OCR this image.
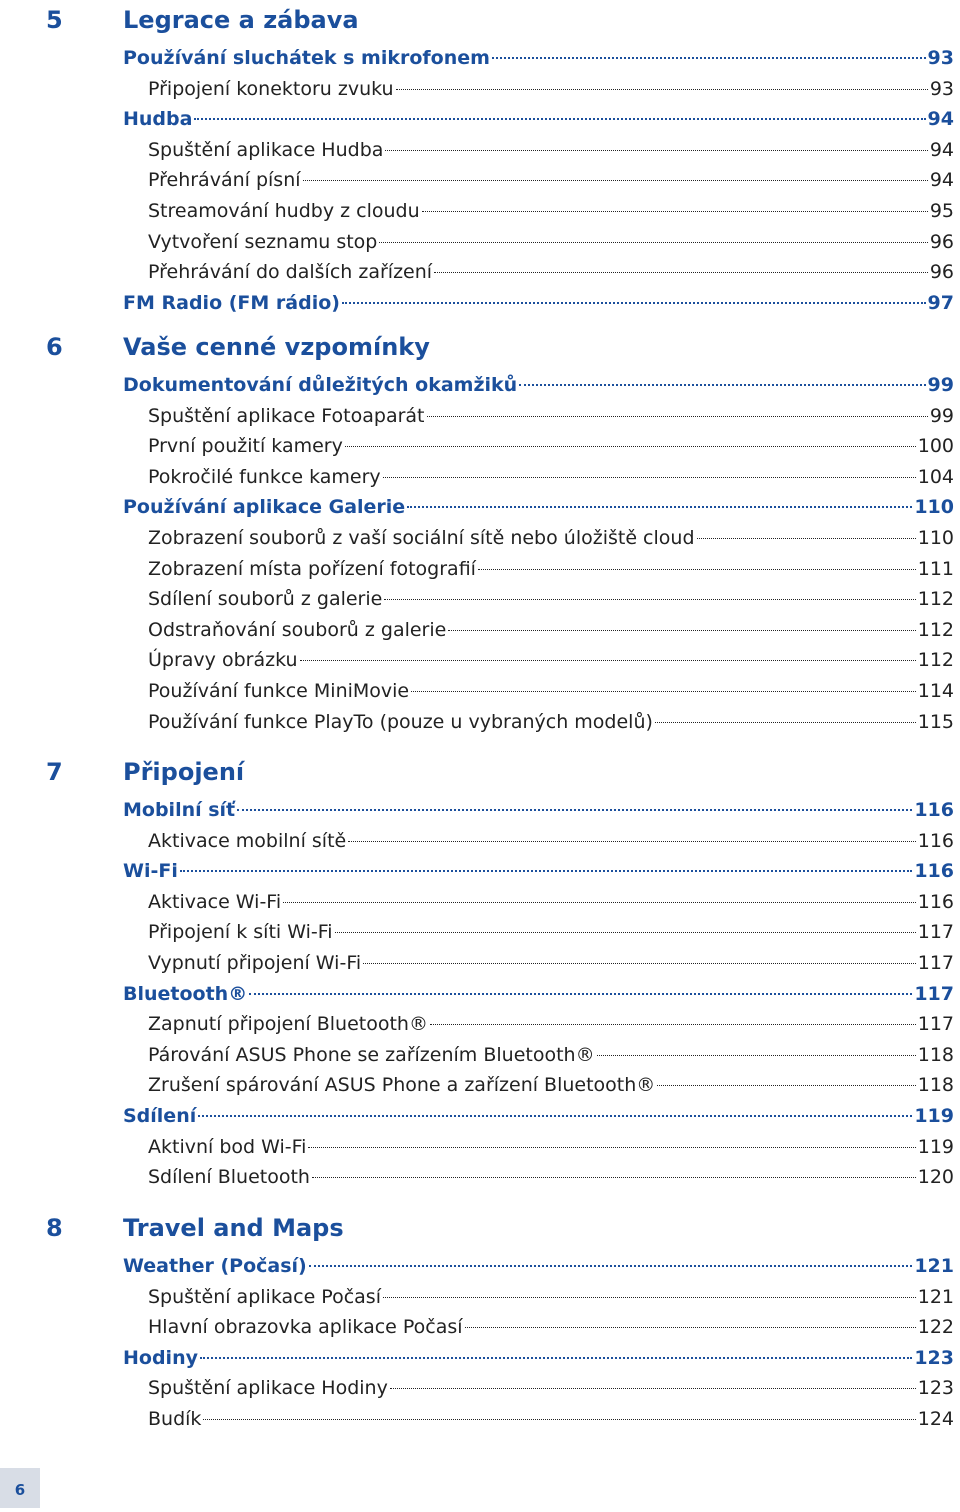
5	Legrace a zábava
Používání sluchátek s mikrofonem	93
Připojení konektoru zvuku	93
Hudba	94
Spuštění aplikace Hudba	94
Přehrávání písní	94
Streamování hudby z cloudu	95
Vytvoření seznamu stop	96
Přehrávání do dalších zařízení	96
FM Radio (FM rádio)	97
6	Vaše cenné vzpomínky
Dokumentování důležitých okamžiků	99
Spuštění aplikace Fotoaparát	99
První použití kamery	100
Pokročilé funkce kamery	104
Používání aplikace Galerie	110
Zobrazení souborů z vaší sociální sítě nebo úložiště cloud	110
Zobrazení místa pořízení fotografií	111
Sdílení souborů z galerie	112
Odstraňování souborů z galerie	112
Úpravy obrázku	112
Používání funkce MiniMovie	114
Používání funkce PlayTo (pouze u vybraných modelů)	115
7	Připojení
Mobilní síť	116
Aktivace mobilní sítě	116
Wi-Fi	116
Aktivace Wi-Fi	116
Připojení k síti Wi-Fi	117
Vypnutí připojení Wi-Fi	117
Bluetooth®	117
Zapnutí připojení Bluetooth®	117
Párování ASUS Phone se zařízením Bluetooth®	118
Zrušení spárování ASUS Phone a zařízení Bluetooth®	118
Sdílení	119
Aktivní bod Wi-Fi	119
Sdílení Bluetooth	120
8	Travel and Maps
Weather (Počasí)	121
Spuštění aplikace Počasí	121
Hlavní obrazovka aplikace Počasí	122
Hodiny	123
Spuštění aplikace Hodiny	123
Budík	124
6
